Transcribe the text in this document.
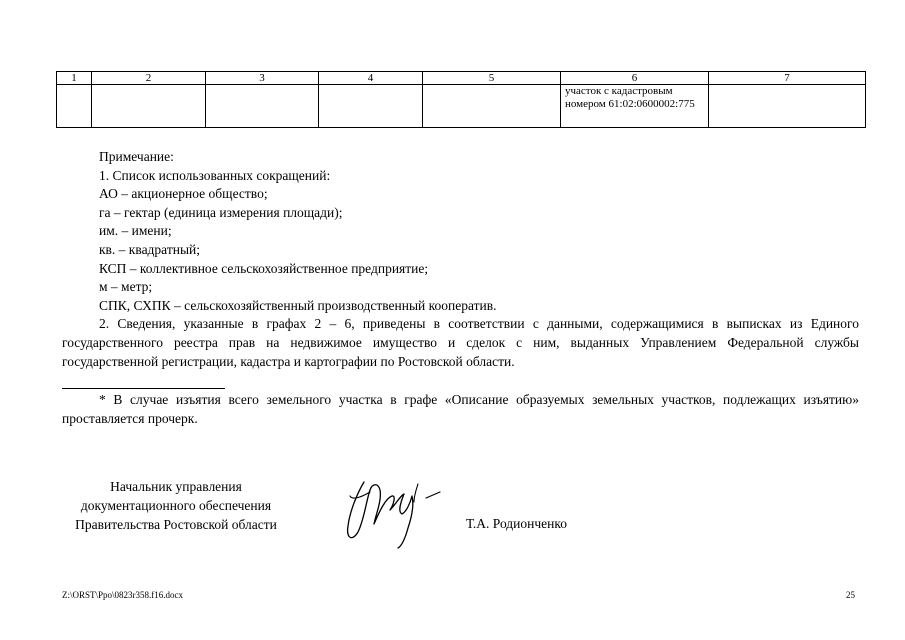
1	2	3	4	5	6	7
					участок с кадастровым номером 61:02:0600002:775	

Примечание:

1. Список использованных сокращений:

АО – акционерное общество;

га – гектар (единица измерения площади);

им. – имени;

кв. – квадратный;

КСП – коллективное сельскохозяйственное предприятие;

м – метр;

СПК, СХПК – сельскохозяйственный производственный кооператив.

2. Сведения, указанные в графах 2 – 6, приведены в соответствии с данными, содержащимися в выписках из Единого государственного реестра прав на недвижимое имущество и сделок с ним, выданных Управлением Федеральной службы государственной регистрации, кадастра и картографии по Ростовской области.

* В случае изъятия всего земельного участка в графе «Описание образуемых земельных участков, подлежащих изъятию» проставляется прочерк.

Начальник управления

документационного обеспечения

Правительства Ростовской области	Т.А. Родионченко
Z:\ORST\Ppo\0823r358.f16.docx	25
